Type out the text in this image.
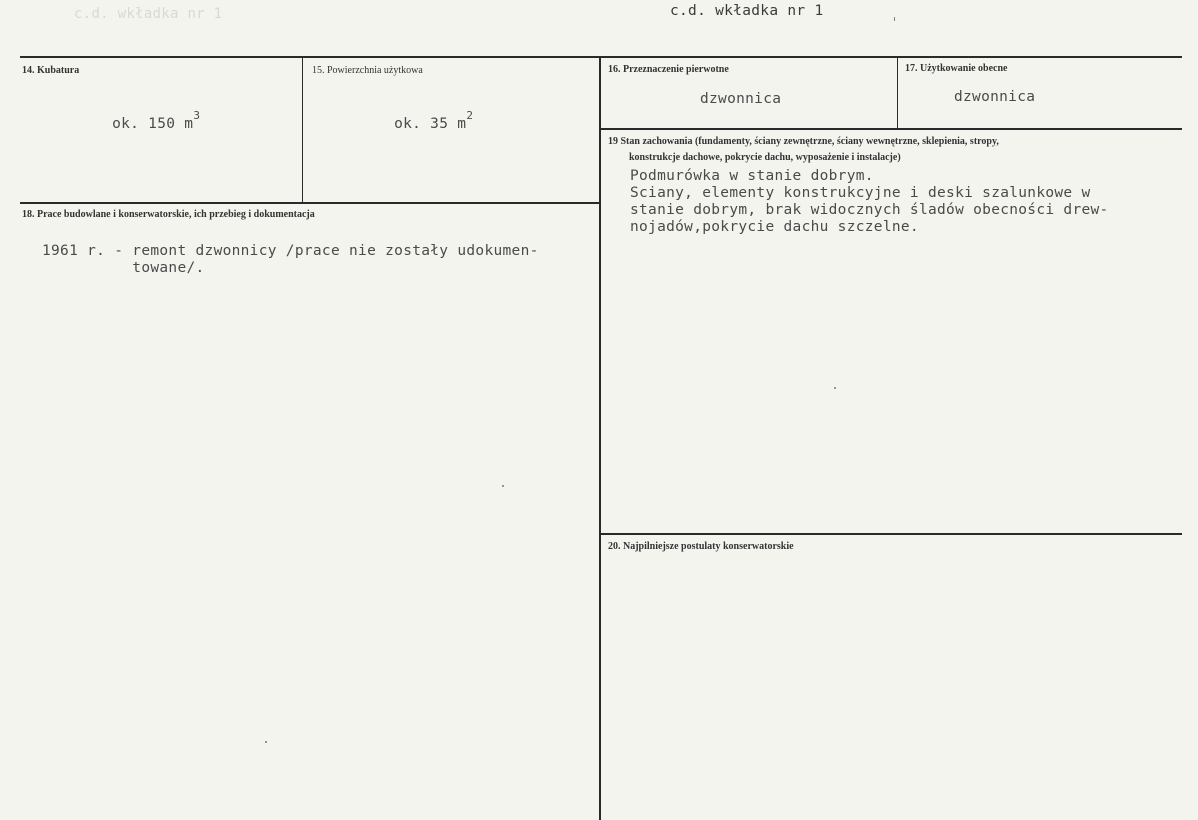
c.d. wkładka nr 1	c.d. wkładka nr 1
14. Kubatura

ok. 150 $m^3$

15. Powierzchnia użytkowa

ok. 35 $m^2$

16. Przeznaczenie pierwotne
dzwonnica
17. Użytkowanie obecne
dzwonnica
18. Prace budowlane i konserwatorskie, ich przebieg i dokumentacja
1961 r. - remont dzwonnicy /prace nie zostały udokumen-
towane/.
19 Stan zachowania (fundamenty, ściany zewnętrzne, ściany wewnętrzne, sklepienia, stropy,
konstrukcje dachowe, pokrycie dachu, wyposażenie i instalacje)
Podmurówka w stanie dobrym.
Sciany, elementy konstrukcyjne i deski szalunkowe w
stanie dobrym, brak widocznych śladów obecności drew-
nojadów,pokrycie dachu szczelne.
20. Najpilniejsze postulaty konserwatorskie
